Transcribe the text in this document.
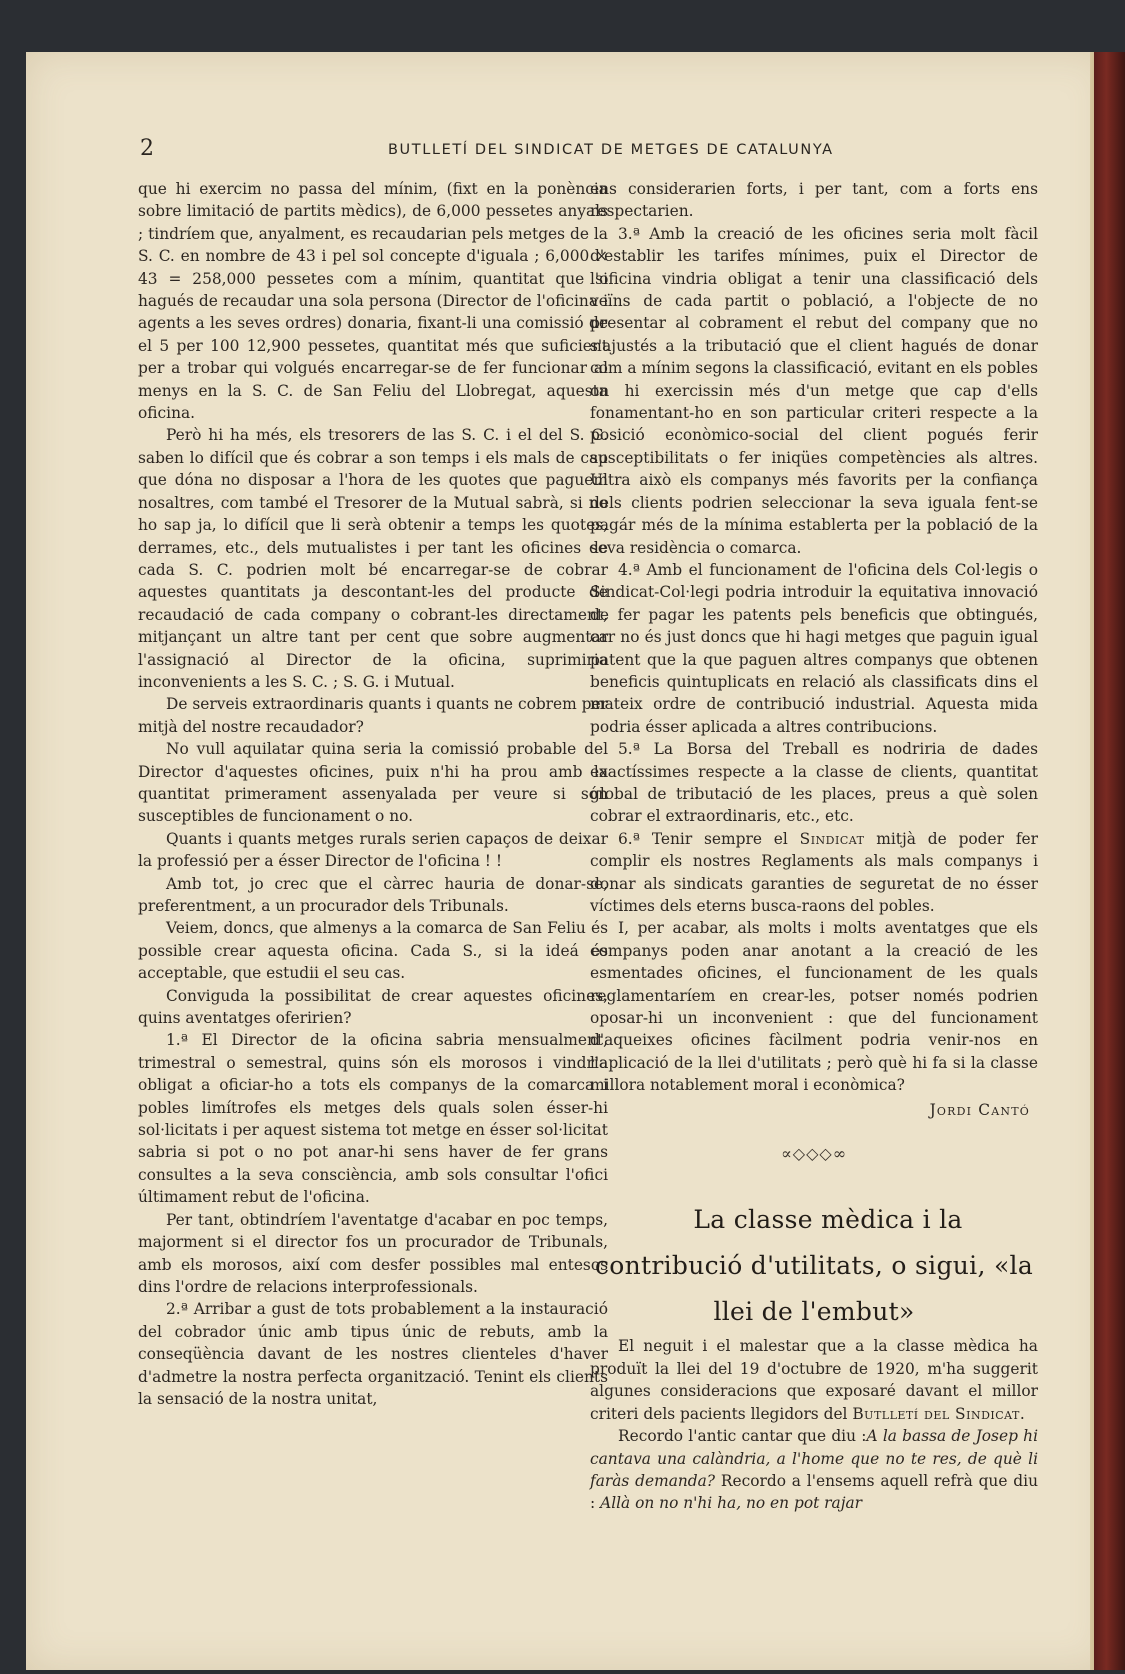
2	BUTLLETÍ DEL SINDICAT DE METGES DE CATALUNYA

que hi exercim no passa del mínim, (fixt en la ponència sobre limitació de partits mèdics), de 6,000 pessetes anyals ; tindríem que, anyalment, es recaudarian pels metges de la S. C. en nombre de 43 i pel sol concepte d'iguala ; 6,000 × 43 = 258,000 pessetes com a mínim, quantitat que si hagués de recaudar una sola persona (Director de l'oficina i agents a les seves ordres) donaria, fixant-li una comissió de el 5 per 100 12,900 pessetes, quantitat més que suficient per a trobar qui volgués encarregar-se de fer funcionar al menys en la S. C. de San Feliu del Llobregat, aquesta oficina.

Però hi ha més, els tresorers de las S. C. i el del S. G. saben lo difícil que és cobrar a son temps i els mals de cap que dóna no disposar a l'hora de les quotes que paguem nosaltres, com també el Tresorer de la Mutual sabrà, si no ho sap ja, lo difícil que li serà obtenir a temps les quotes, derrames, etc., dels mutualistes i per tant les oficines de cada S. C. podrien molt bé encarregar-se de cobrar aquestes quantitats ja descontant-les del producte de recaudació de cada company o cobrant-les directament, mitjançant un altre tant per cent que sobre augmentar l'assignació al Director de la oficina, suprimiria inconvenients a les S. C. ; S. G. i Mutual.

De serveis extraordinaris quants i quants ne cobrem per mitjà del nostre recaudador?

No vull aquilatar quina seria la comissió probable del Director d'aquestes oficines, puix n'hi ha prou amb la quantitat primerament assenyalada per veure si són susceptibles de funcionament o no.

Quants i quants metges rurals serien capaços de deixar la professió per a ésser Director de l'oficina ! !

Amb tot, jo crec que el càrrec hauria de donar-se, preferentment, a un procurador dels Tribunals.

Veiem, doncs, que almenys a la comarca de San Feliu és possible crear aquesta oficina. Cada S., si la ideá és acceptable, que estudii el seu cas.

Conviguda la possibilitat de crear aquestes oficines, quins aventatges oferirien?

1.ª El Director de la oficina sabria mensualment, trimestral o semestral, quins són els morosos i vindria obligat a oficiar-ho a tots els companys de la comarca i pobles limítrofes els metges dels quals solen ésser-hi sol·licitats i per aquest sistema tot metge en ésser sol·licitat sabria si pot o no pot anar-hi sens haver de fer grans consultes a la seva consciència, amb sols consultar l'ofici últimament rebut de l'oficina.

Per tant, obtindríem l'aventatge d'acabar en poc temps, majorment si el director fos un procurador de Tribunals, amb els morosos, així com desfer possibles mal entesos dins l'ordre de relacions interprofessionals.

2.ª Arribar a gust de tots probablement a la instauració del cobrador únic amb tipus únic de rebuts, amb la conseqüència davant de les nostres clienteles d'haver d'admetre la nostra perfecta organització. Tenint els clients la sensació de la nostra unitat,

ens considerarien forts, i per tant, com a forts ens respectarien.

3.ª Amb la creació de les oficines seria molt fàcil d'establir les tarifes mínimes, puix el Director de l'oficina vindria obligat a tenir una classificació dels veïns de cada partit o població, a l'objecte de no presentar al cobrament el rebut del company que no s'ajustés a la tributació que el client hagués de donar com a mínim segons la classificació, evitant en els pobles on hi exercissin més d'un metge que cap d'ells fonamentant-ho en son particular criteri respecte a la posició econòmico-social del client pogués ferir susceptibilitats o fer iniqües competències als altres. Ultra això els companys més favorits per la confiança dels clients podrien seleccionar la seva iguala fent-se pagár més de la mínima establerta per la població de la seva residència o comarca.

4.ª Amb el funcionament de l'oficina dels Col·legis o Sindicat-Col·legi podria introduir la equitativa innovació de fer pagar les patents pels beneficis que obtingués, car no és just doncs que hi hagi metges que paguin igual patent que la que paguen altres companys que obtenen beneficis quintuplicats en relació als classificats dins el mateix ordre de contribució industrial. Aquesta mida podria ésser aplicada a altres contribucions.

5.ª La Borsa del Treball es nodriria de dades exactíssimes respecte a la classe de clients, quantitat global de tributació de les places, preus a què solen cobrar el extraordinaris, etc., etc.

6.ª Tenir sempre el Sindicat mitjà de poder fer complir els nostres Reglaments als mals companys i donar als sindicats garanties de seguretat de no ésser víctimes dels eterns busca-raons del pobles.

I, per acabar, als molts i molts aventatges que els companys poden anar anotant a la creació de les esmentades oficines, el funcionament de les quals reglamentaríem en crear-les, potser només podrien oposar-hi un inconvenient : que del funcionament d'aqueixes oficines fàcilment podria venir-nos en l'aplicació de la llei d'utilitats ; però què hi fa si la classe millora notablement moral i econòmica?

Jordi Cantó
∝◇◇◇∞

La classe mèdica i la contribució d'utilitats, o sigui, «la llei de l'embut»

El neguit i el malestar que a la classe mèdica ha produït la llei del 19 d'octubre de 1920, m'ha suggerit algunes consideracions que exposaré davant el millor criteri dels pacients llegidors del Butlletí del Sindicat.

Recordo l'antic cantar que diu :A la bassa de Josep hi cantava una calàndria, a l'home que no te res, de què li faràs demanda? Recordo a l'ensems aquell refrà que diu : Allà on no n'hi ha, no en pot rajar
